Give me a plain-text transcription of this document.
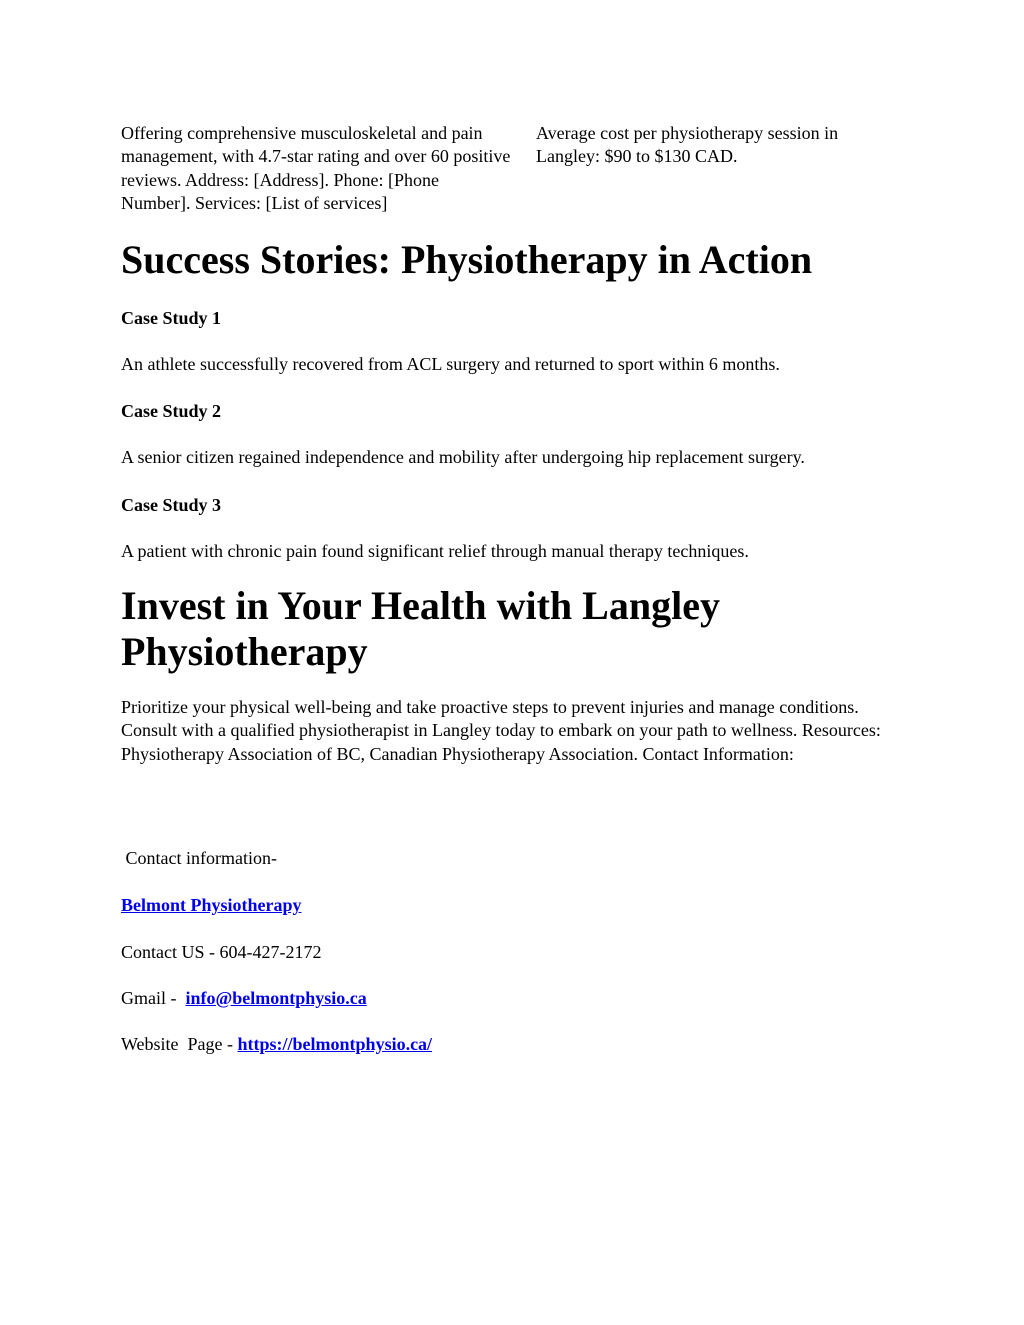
Offering comprehensive musculoskeletal and pain management, with 4.7-star rating and over 60 positive reviews. Address: [Address]. Phone: [Phone Number]. Services: [List of services]

Average cost per physiotherapy session in Langley: $90 to $130 CAD.

Success Stories: Physiotherapy in Action

Case Study 1

An athlete successfully recovered from ACL surgery and returned to sport within 6 months.

Case Study 2

A senior citizen regained independence and mobility after undergoing hip replacement surgery.

Case Study 3

A patient with chronic pain found significant relief through manual therapy techniques.

Invest in Your Health with Langley
Physiotherapy

Prioritize your physical well-being and take proactive steps to prevent injuries and manage conditions. Consult with a qualified physiotherapist in Langley today to embark on your path to wellness. Resources: Physiotherapy Association of BC, Canadian Physiotherapy Association. Contact Information:

Contact information-

Belmont Physiotherapy

Contact US - 604-427-2172

Gmail - info@belmontphysio.ca

Website  Page - https://belmontphysio.ca/
